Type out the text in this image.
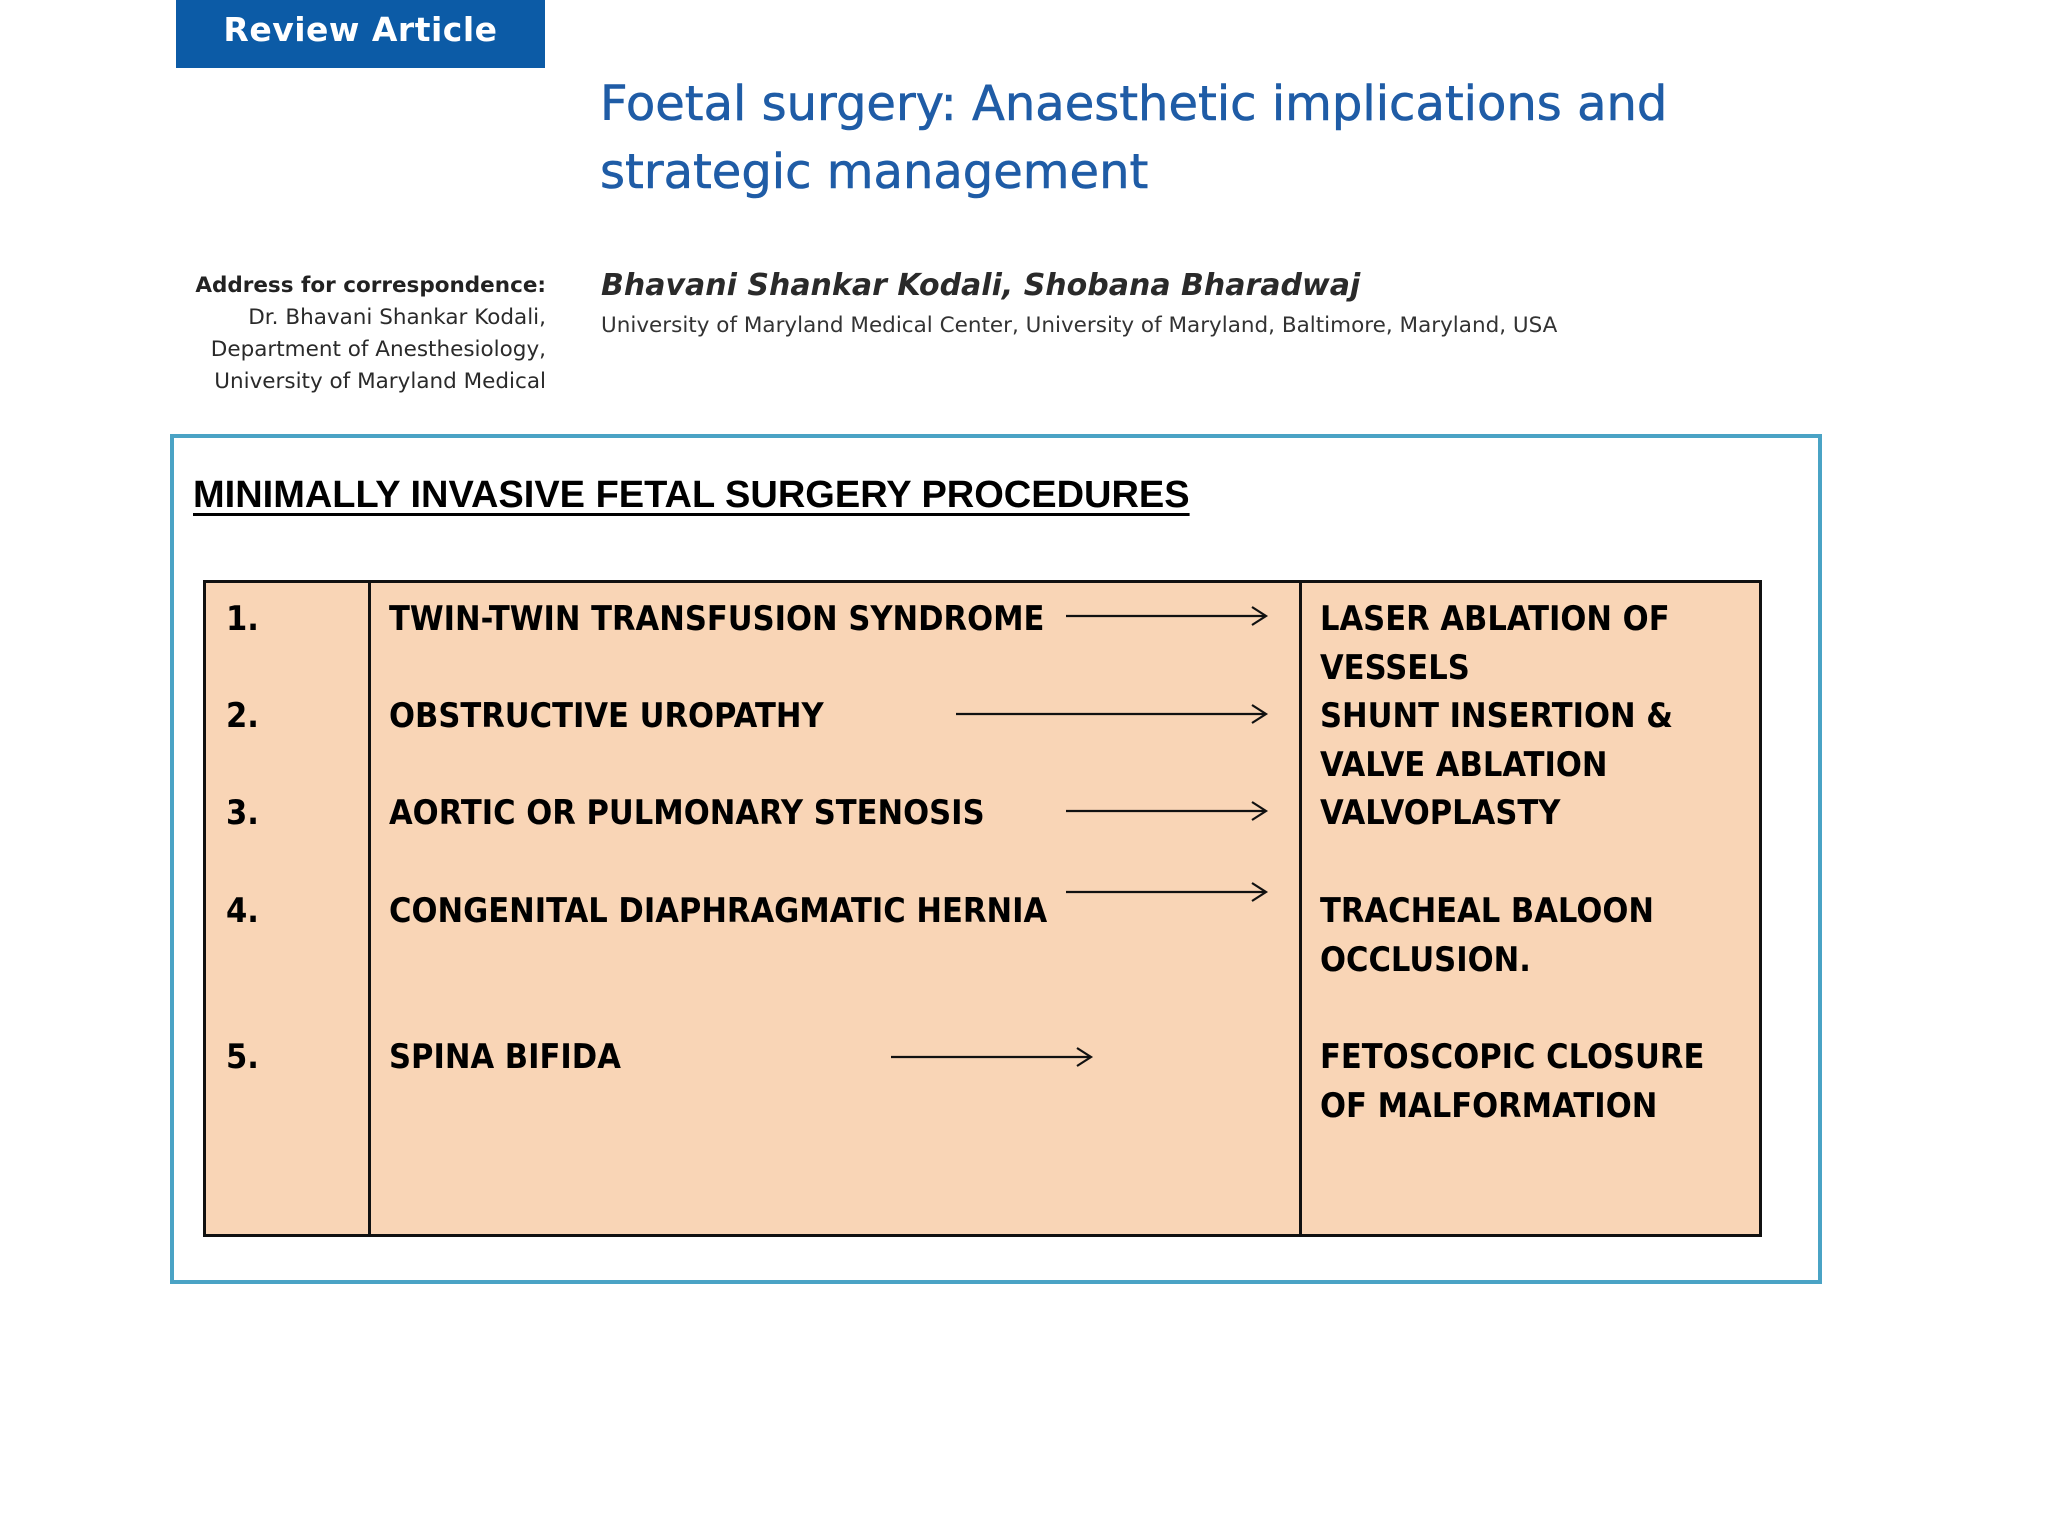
Review Article
Foetal surgery: Anaesthetic implications and
strategic management
Address for correspondence:
Dr. Bhavani Shankar Kodali,
Department of Anesthesiology,
University of Maryland Medical
Bhavani Shankar Kodali, Shobana Bharadwaj
University of Maryland Medical Center, University of Maryland, Baltimore, Maryland, USA
MINIMALLY INVASIVE FETAL SURGERY PROCEDURES
1.	TWIN-TWIN TRANSFUSION SYNDROME	LASER ABLATION OF
VESSELS
2.	OBSTRUCTIVE UROPATHY	SHUNT INSERTION &
VALVE ABLATION
3.	AORTIC OR PULMONARY STENOSIS	VALVOPLASTY
4.	CONGENITAL DIAPHRAGMATIC HERNIA	TRACHEAL BALOON
OCCLUSION.
5.	SPINA BIFIDA	FETOSCOPIC CLOSURE
OF MALFORMATION
